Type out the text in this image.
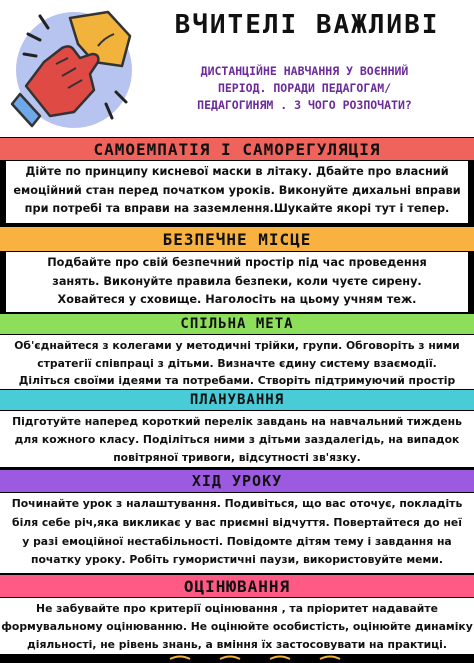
ВЧИТЕЛІ ВАЖЛИВІ
ДИСТАНЦІЙНЕ НАВЧАННЯ У ВОЄННИЙ
ПЕРІОД. ПОРАДИ ПЕДАГОГАМ/
ПЕДАГОГИНЯМ . З ЧОГО РОЗПОЧАТИ?
САМОЕМПАТІЯ І САМОРЕГУЛЯЦІЯ
Дійте по принципу кисневої маски в літаку. Дбайте про власний
емоційний стан перед початком уроків. Виконуйте дихальні вправи
при потребі та вправи на заземлення.Шукайте якорі тут і тепер.
БЕЗПЕЧНЕ МІСЦЕ
Подбайте про свій безпечний простір під час проведення
занять. Виконуйте правила безпеки, коли чуєте сирену.
Ховайтеся у сховище. Наголосіть на цьому учням теж.
СПІЛЬНА МЕТА
Об'єднайтеся з колегами у методичні трійки, групи. Обговоріть з ними
стратегії співпраці з дітьми. Визначте єдину систему взаємодії.
Діліться своїми ідеями та потребами. Створіть підтримуючий простір
ПЛАНУВАННЯ
Підготуйте наперед короткий перелік завдань на навчальний тиждень
для кожного класу. Поділіться ними з дітьми заздалегідь, на випадок
повітряної тривоги, відсутності зв'язку.
ХІД УРОКУ
Починайте урок з налаштування. Подивіться, що вас оточує, покладіть
біля себе річ,яка викликає у вас приємні відчуття. Повертайтеся до неї
у разі емоційної нестабільності. Повідомте дітям тему і завдання на
початку уроку. Робіть гумористичні паузи, використовуйте меми.
ОЦІНЮВАННЯ
Не забувайте про критерії оцінювання , та пріоритет надавайте
формувальному оцінюванню. Не оцінюйте особистість, оцінюйте динаміку
діяльності, не рівень знань, а вміння їх застосовувати на практиці.
